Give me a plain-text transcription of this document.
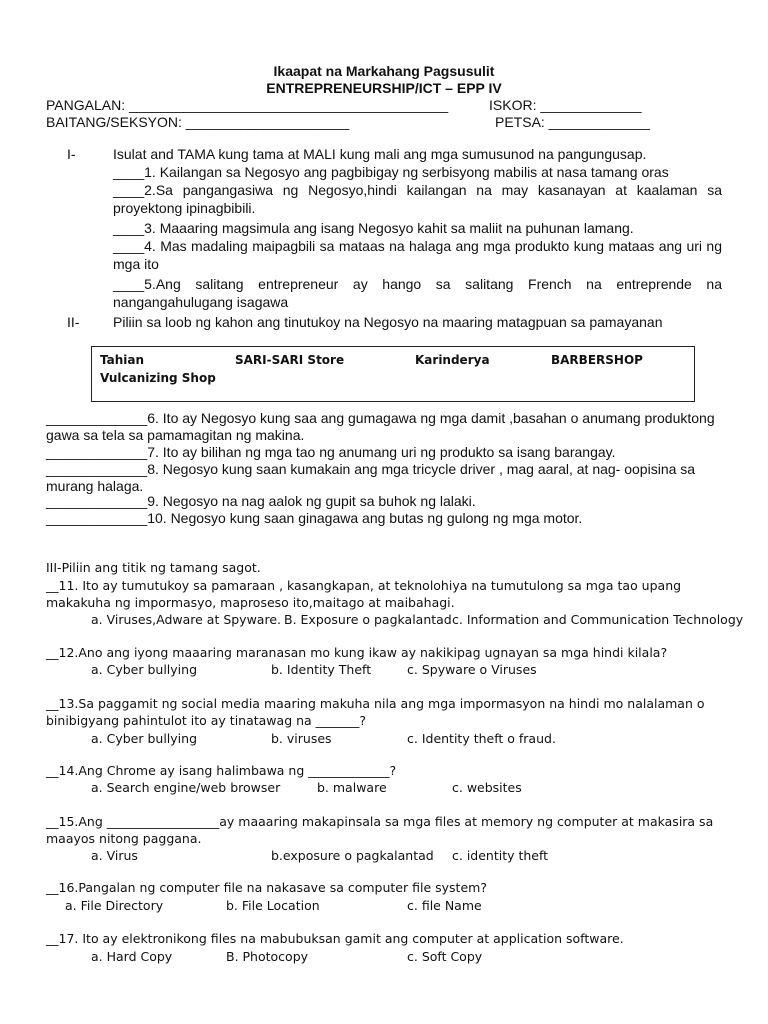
Ikaapat na Markahang Pagsusulit
ENTREPRENEURSHIP/ICT – EPP IV
PANGALAN: _________________________________________	ISKOR: _____________
BAITANG/SEKSYON: _____________________	PETSA: _____________
I-	Isulat and TAMA kung tama at MALI kung mali ang mga sumusunod na pangungusap.
____1. Kailangan sa Negosyo ang pagbibigay ng serbisyong mabilis at nasa tamang oras
____2.Sa pangangasiwa ng Negosyo,hindi kailangan na may kasanayan at kaalaman sa proyektong ipinagbibili.
____3. Maaaring magsimula ang isang Negosyo kahit sa maliit na puhunan lamang.
____4. Mas madaling maipagbili sa mataas na halaga ang mga produkto kung mataas ang uri ng mga ito
____5.Ang salitang entrepreneur ay hango sa salitang French na entreprende na nangangahulugang isagawa
II- Piliin sa loob ng kahon ang tinutukoy na Negosyo na maaring matagpuan sa pamayanan
Tahian	SARI-SARI Store	Karinderya	BARBERSHOP
Vulcanizing Shop
_____________6. Ito ay Negosyo kung saa ang gumagawa ng mga damit ,basahan o anumang produktong gawa sa tela sa pamamagitan ng makina.
_____________7. Ito ay bilihan ng mga tao ng anumang uri ng produkto sa isang barangay.
_____________8. Negosyo kung saan kumakain ang mga tricycle driver , mag aaral, at nag- oopisina sa murang halaga.
_____________9. Negosyo na nag aalok ng gupit sa buhok ng lalaki.
_____________10. Negosyo kung saan ginagawa ang butas ng gulong ng mga motor.
III-Piliin ang titik ng tamang sagot.
__11. Ito ay tumutukoy sa pamaraan , kasangkapan, at teknolohiya na tumutulong sa mga tao upang makakuha ng impormasyo, maproseso ito,maitago at maibahagi.
a. Viruses,Adware at Spyware. B. Exposure o pagkalantad c. Information and Communication Technology
__12.Ano ang iyong maaaring maranasan mo kung ikaw ay nakikipag ugnayan sa mga hindi kilala?
a. Cyber bullying	b. Identity Theft	c. Spyware o Viruses
__13.Sa paggamit ng social media maaring makuha nila ang mga impormasyon na hindi mo nalalaman o binibigyang pahintulot ito ay tinatawag na _______?
a. Cyber bullying	b. viruses	c. Identity theft o fraud.
__14.Ang Chrome ay isang halimbawa ng _____________?
a. Search engine/web browser	b. malware	c. websites
__15.Ang __________________ay maaaring makapinsala sa mga files at memory ng computer at makasira sa maayos nitong paggana.
a. Virus	b.exposure o pagkalantad c. identity theft
__16.Pangalan ng computer file na nakasave sa computer file system?
a. File Directory	b. File Location	c. file Name
__17. Ito ay elektronikong files na mabubuksan gamit ang computer at application software.
a. Hard Copy	B. Photocopy	c. Soft Copy
